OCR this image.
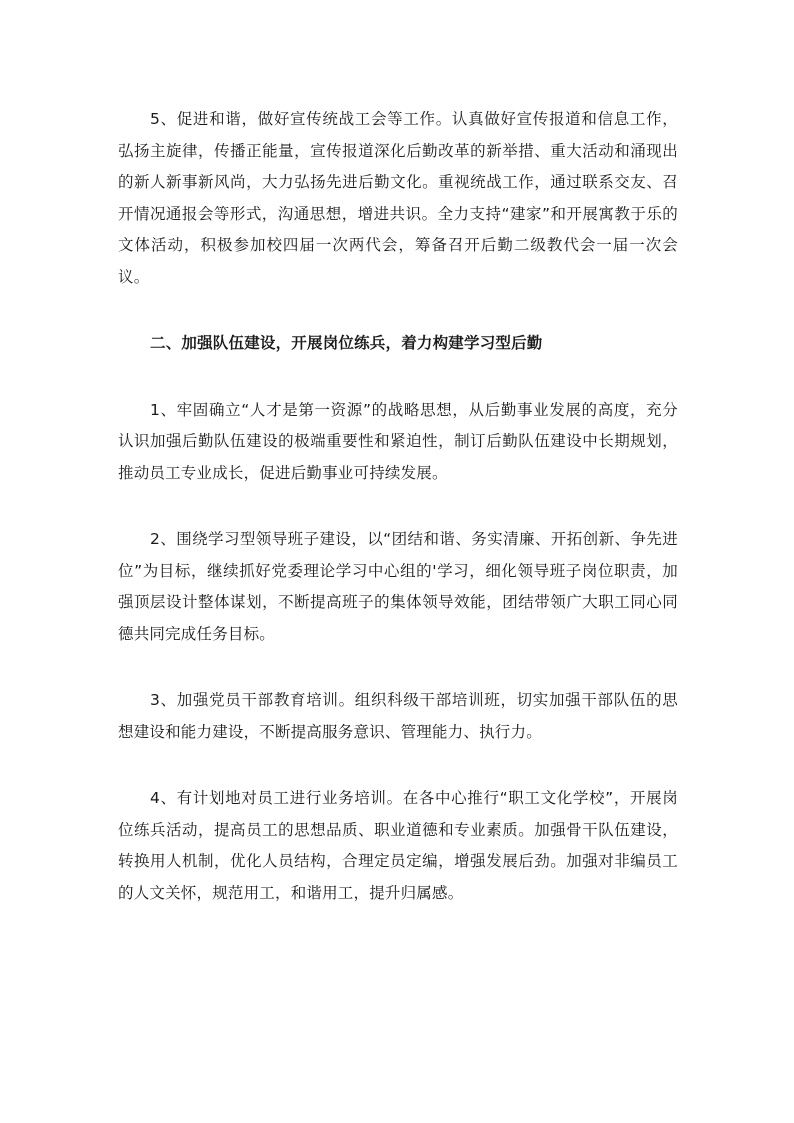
5、促进和谐，做好宣传统战工会等工作。认真做好宣传报道和信息工作，弘扬主旋律，传播正能量，宣传报道深化后勤改革的新举措、重大活动和涌现出的新人新事新风尚，大力弘扬先进后勤文化。重视统战工作，通过联系交友、召开情况通报会等形式，沟通思想，增进共识。全力支持“建家”和开展寓教于乐的文体活动，积极参加校四届一次两代会，筹备召开后勤二级教代会一届一次会议。

二、加强队伍建设，开展岗位练兵，着力构建学习型后勤

1、牢固确立“人才是第一资源”的战略思想，从后勤事业发展的高度，充分认识加强后勤队伍建设的极端重要性和紧迫性，制订后勤队伍建设中长期规划，推动员工专业成长，促进后勤事业可持续发展。

2、围绕学习型领导班子建设，以“团结和谐、务实清廉、开拓创新、争先进位”为目标，继续抓好党委理论学习中心组的'学习，细化领导班子岗位职责，加强顶层设计整体谋划，不断提高班子的集体领导效能，团结带领广大职工同心同德共同完成任务目标。

3、加强党员干部教育培训。组织科级干部培训班，切实加强干部队伍的思想建设和能力建设，不断提高服务意识、管理能力、执行力。

4、有计划地对员工进行业务培训。在各中心推行“职工文化学校”，开展岗位练兵活动，提高员工的思想品质、职业道德和专业素质。加强骨干队伍建设，转换用人机制，优化人员结构，合理定员定编，增强发展后劲。加强对非编员工的人文关怀，规范用工，和谐用工，提升归属感。
